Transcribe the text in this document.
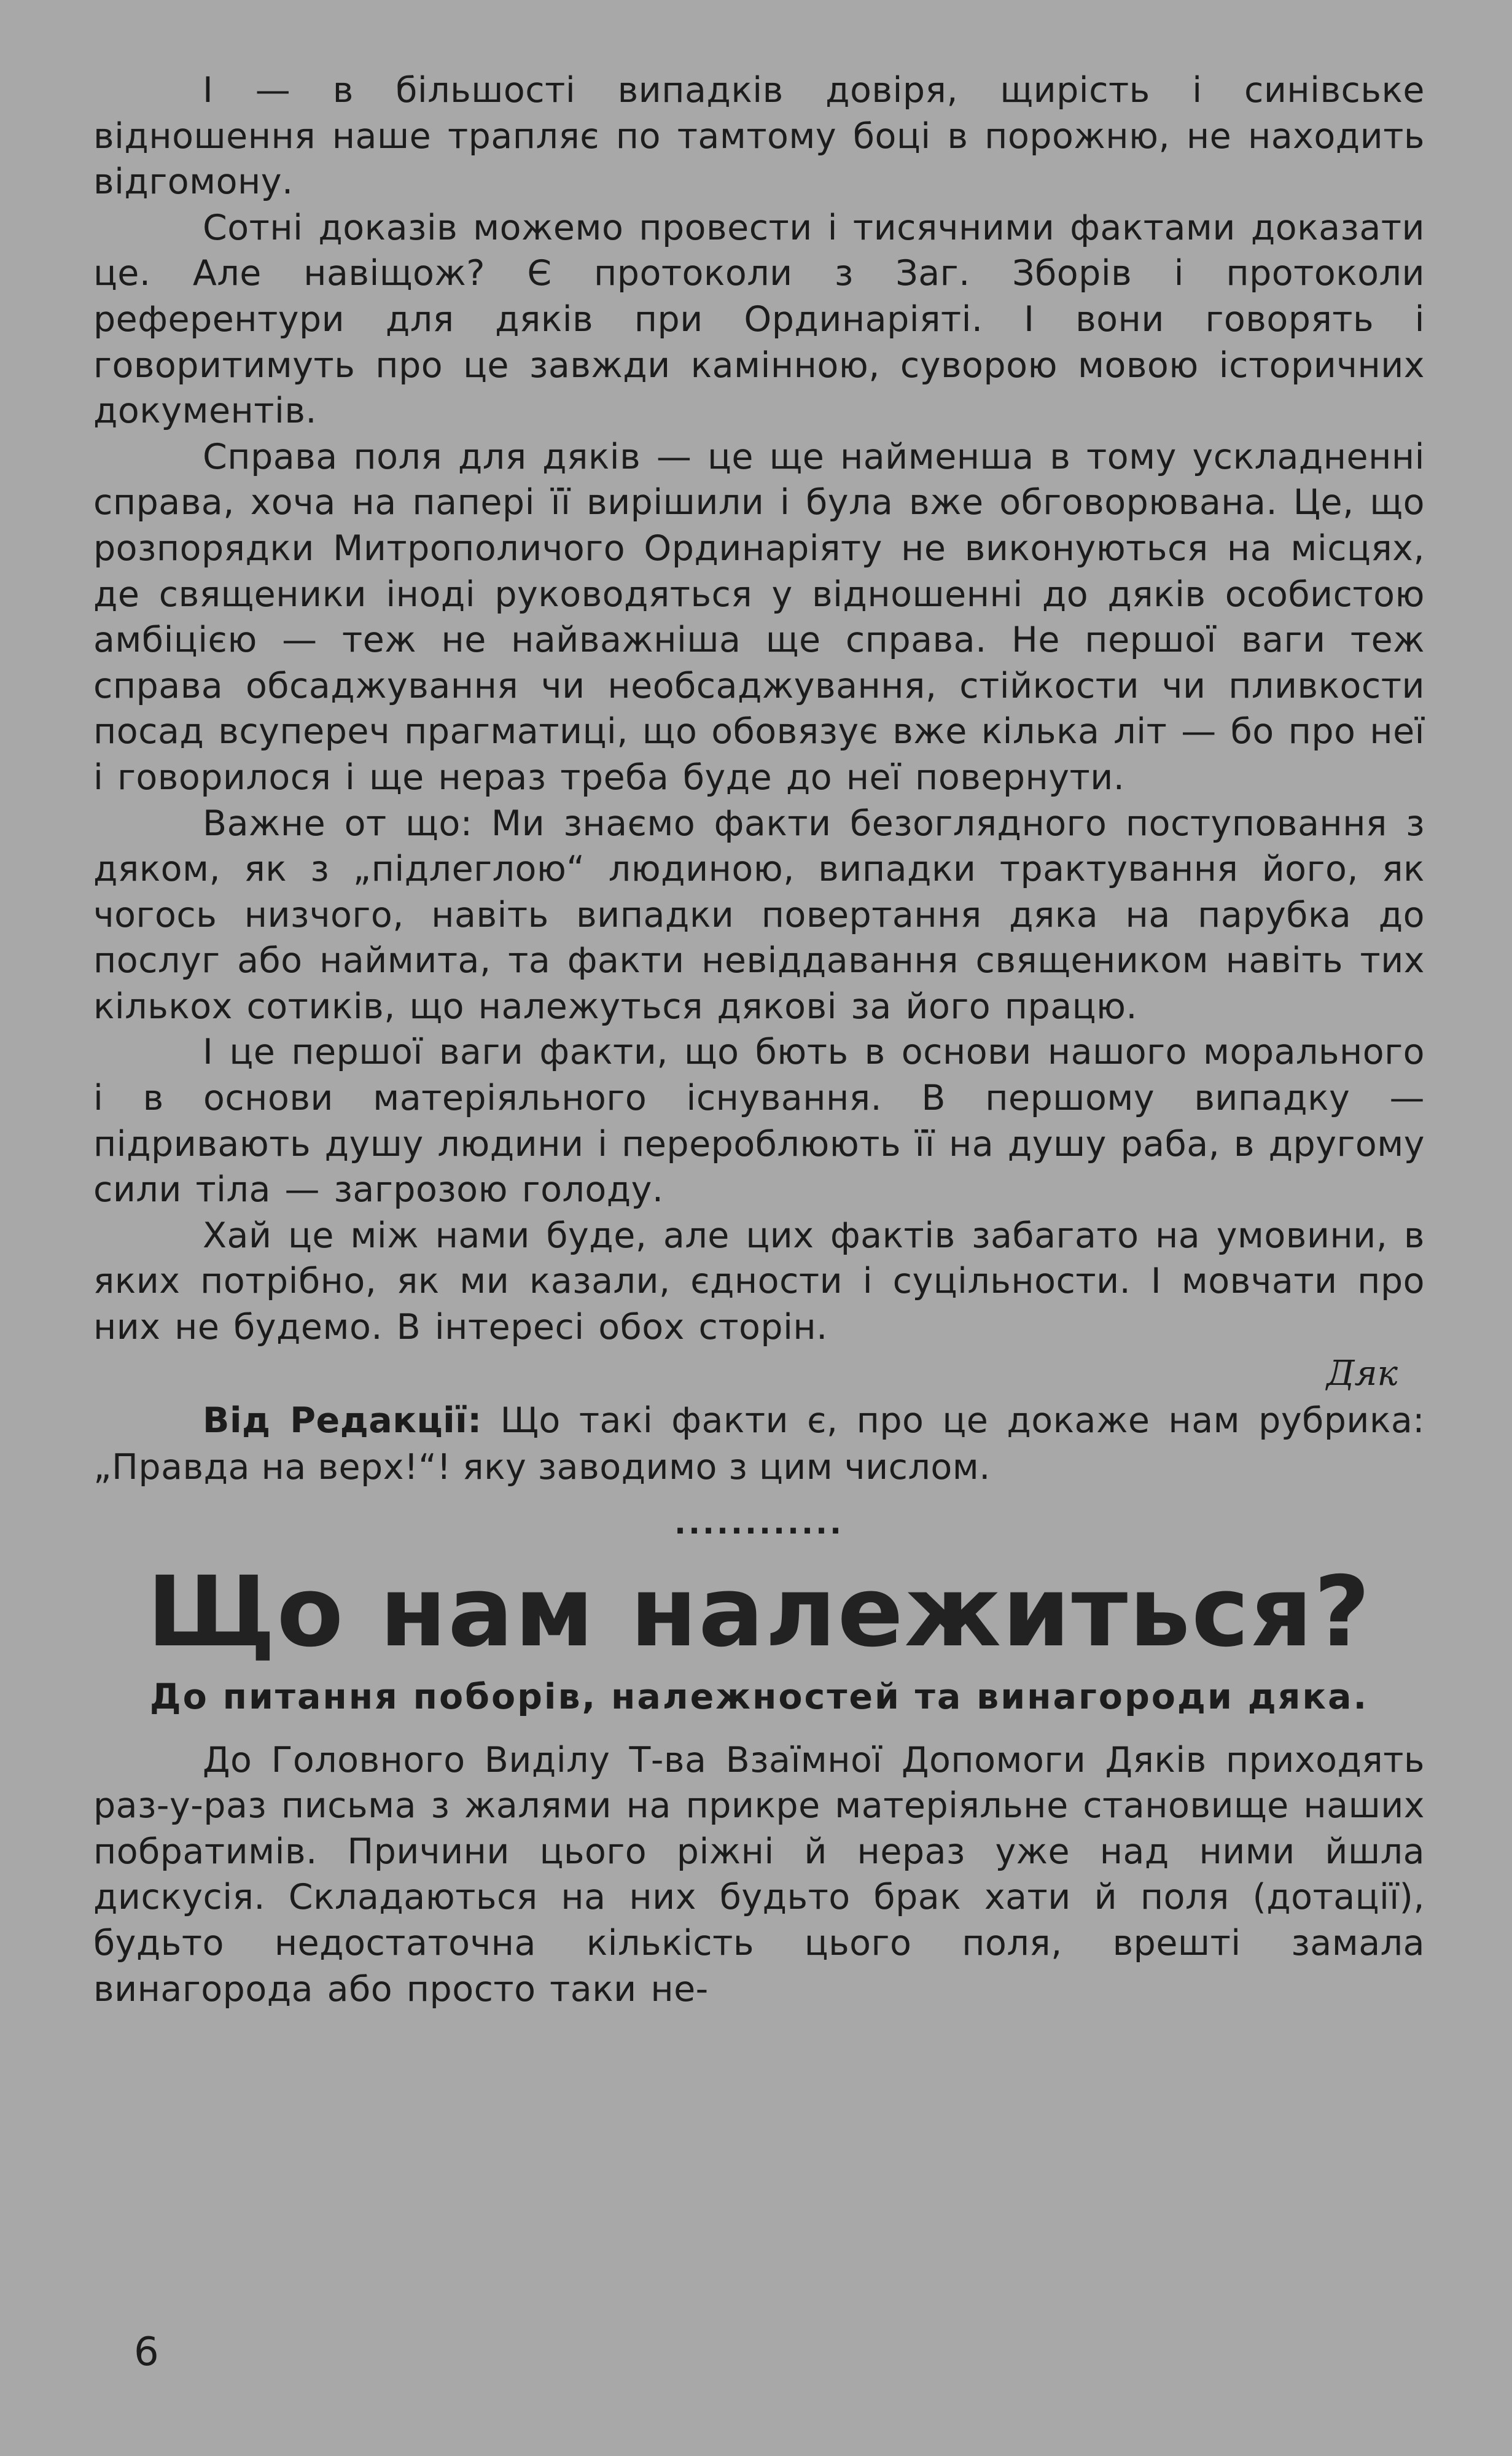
І — в більшості випадків довіря, щирість і синівське відношення наше трапляє по тамтому боці в порожню, не находить відгомону.

Сотні доказів можемо провести і тисячними фактами доказати це. Але навіщож? Є протоколи з Заг. Зборів і протоколи референтури для дяків при Ординаріяті. І вони говорять і говоритимуть про це завжди камінною, суворою мовою історичних документів.

Справа поля для дяків — це ще найменша в тому ускладненні справа, хоча на папері її вирішили і була вже обговорювана. Це, що розпорядки Митрополичого Ординаріяту не виконуються на місцях, де священики іноді руководяться у відношенні до дяків особистою амбіцією — теж не найважніша ще справа. Не першої ваги теж справа обсаджування чи необсаджування, стійкости чи пливкости посад всупереч прагматиці, що обовязує вже кілька літ — бо про неї і говорилося і ще нераз треба буде до неї повернути.

Важне от що: Ми знаємо факти безоглядного поступовання з дяком, як з „підлеглою“ людиною, випадки трактування його, як чогось низчого, навіть випадки повертання дяка на парубка до послуг або наймита, та факти невіддавання священиком навіть тих кількох сотиків, що належуться дякові за його працю.

І це першої ваги факти, що бють в основи нашого морального і в основи матеріяльного існування. В першому випадку — підривають душу людини і перероблюють її на душу раба, в другому сили тіла — загрозою голоду.

Хай це між нами буде, але цих фактів забагато на умовини, в яких потрібно, як ми казали, єдности і суцільности. І мовчати про них не будемо. В інтересі обох сторін.

Дяк

Від Редакції: Що такі факти є, про це докаже нам рубрика: „Правда на верх!“! яку заводимо з цим числом.

............
Що нам належиться?

До питання поборів, належностей та винагороди дяка.

До Головного Виділу Т-ва Взаїмної Допомоги Дяків приходять раз-у-раз письма з жалями на прикре матеріяльне становище наших побратимів. Причини цього ріжні й нераз уже над ними йшла дискусія. Складаються на них будьто брак хати й поля (дотації), будьто недостаточна кількість цього поля, врешті замала винагорода або просто таки не-

6
